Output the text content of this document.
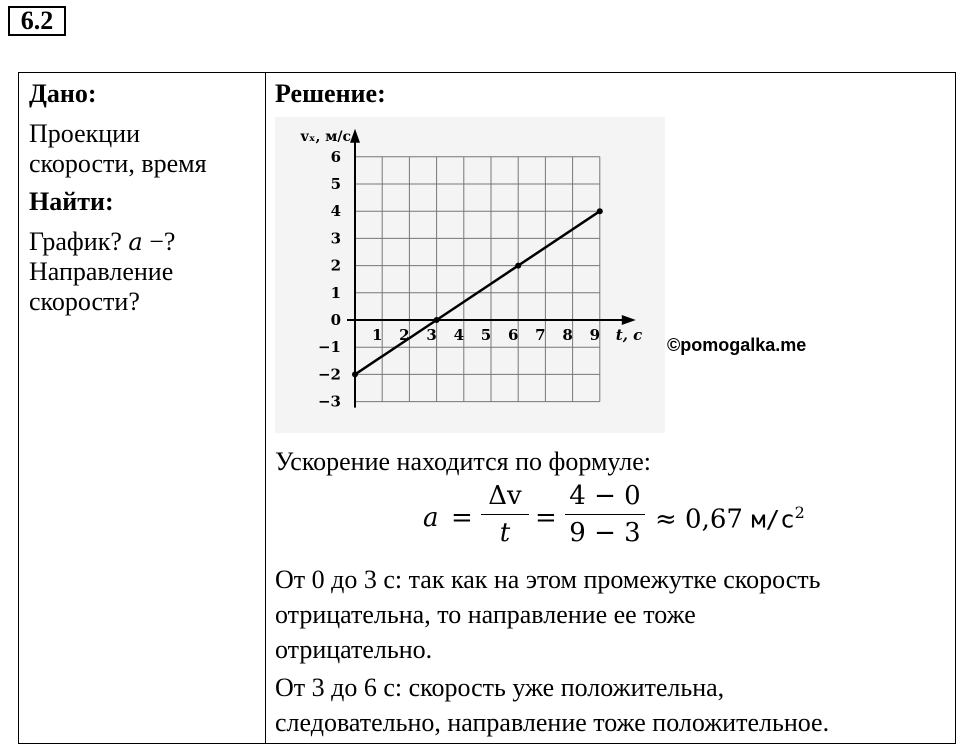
6.2

Дано:

Проекции

скорости, время

Найти:

График? a −?

Направление

скорости?

Решение:

1 2 3 4 5 6 7 8 9
6
5
4
3
2
1
0
−1
−2
−3
vₓ, м/с
t, с ©pomogalka.me
Ускорение находится по формуле:
a =
Δv
t =
4 − 0
9 − 3 ≈ 0,67 $м/с^2$
От 0 до 3 с: так как на этом промежутке скорость
отрицательна, то направление ее тоже
отрицательно.
От 3 до 6 с: скорость уже положительна,
следовательно, направление тоже положительное.
